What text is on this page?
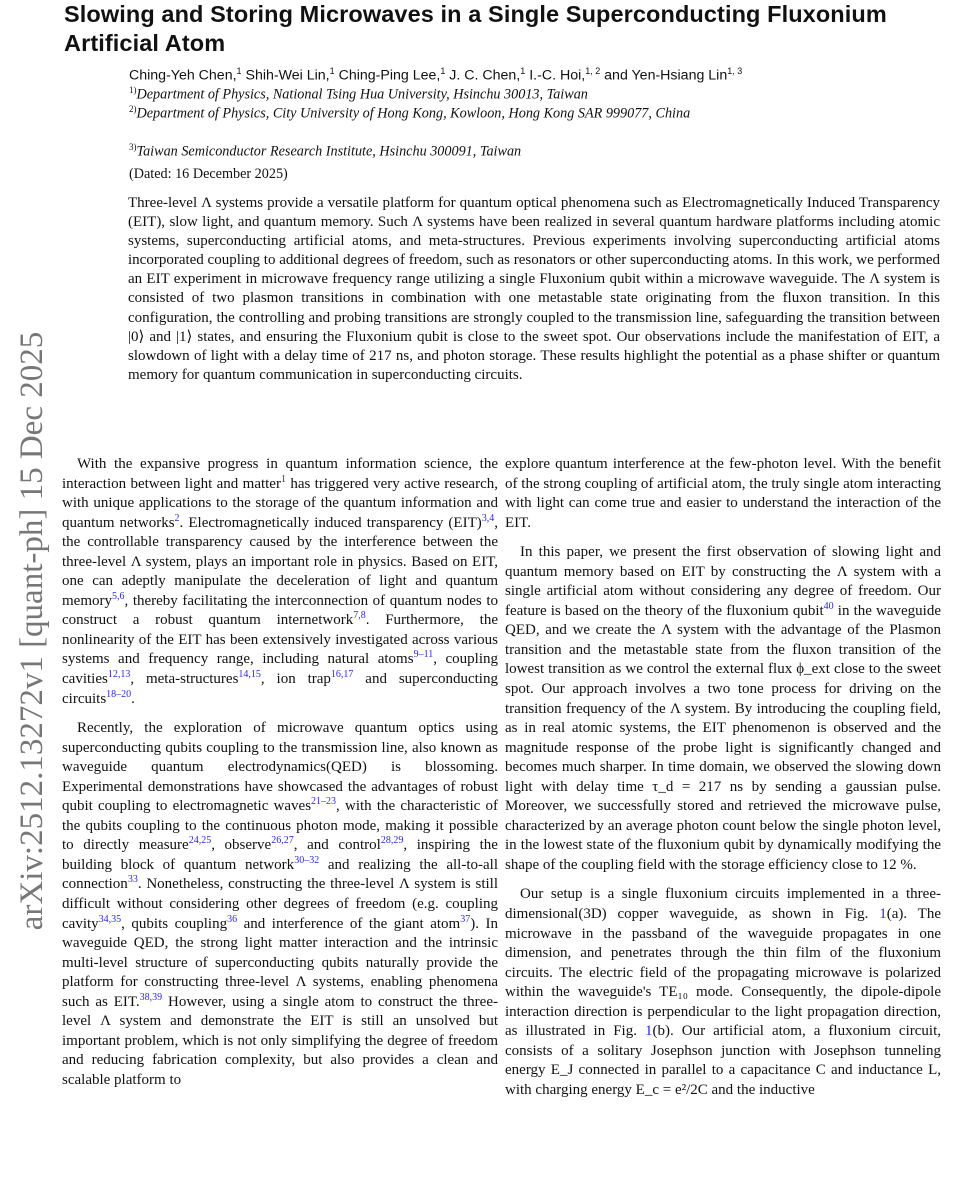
arXiv:2512.13272v1 [quant-ph] 15 Dec 2025
Slowing and Storing Microwaves in a Single Superconducting Fluxonium Artificial Atom
Ching-Yeh Chen,$^1$ Shih-Wei Lin,$^1$ Ching-Ping Lee,$^1$ J. C. Chen,$^1$ I.-C. Hoi,$^{1, 2}$ and Yen-Hsiang Lin$^{1, 3}$
$^{1)}$Department of Physics, National Tsing Hua University, Hsinchu 30013, Taiwan
$^{2)}$Department of Physics, City University of Hong Kong, Kowloon, Hong Kong SAR 999077, China
$^{3)}$Taiwan Semiconductor Research Institute, Hsinchu 300091, Taiwan
(Dated: 16 December 2025)
Three-level Λ systems provide a versatile platform for quantum optical phenomena such as Electromagnetically Induced Transparency (EIT), slow light, and quantum memory. Such Λ systems have been realized in several quantum hardware platforms including atomic systems, superconducting artificial atoms, and meta-structures. Previous experiments involving superconducting artificial atoms incorporated coupling to additional degrees of freedom, such as resonators or other superconducting atoms. In this work, we performed an EIT experiment in microwave frequency range utilizing a single Fluxonium qubit within a microwave waveguide. The Λ system is consisted of two plasmon transitions in combination with one metastable state originating from the fluxon transition. In this configuration, the controlling and probing transitions are strongly coupled to the transmission line, safeguarding the transition between |0⟩ and |1⟩ states, and ensuring the Fluxonium qubit is close to the sweet spot. Our observations include the manifestation of EIT, a slowdown of light with a delay time of 217 ns, and photon storage. These results highlight the potential as a phase shifter or quantum memory for quantum communication in superconducting circuits.

With the expansive progress in quantum information science, the interaction between light and matter$^1$ has triggered very active research, with unique applications to the storage of the quantum information and quantum networks$^2$. Electromagnetically induced transparency (EIT)$^{3,4}$, the controllable transparency caused by the interference between the three-level Λ system, plays an important role in physics. Based on EIT, one can adeptly manipulate the deceleration of light and quantum memory$^{5,6}$, thereby facilitating the interconnection of quantum nodes to construct a robust quantum internetwork$^{7,8}$. Furthermore, the nonlinearity of the EIT has been extensively investigated across various systems and frequency range, including natural atoms$^{9-11}$, coupling cavities$^{12,13}$, meta-structures$^{14,15}$, ion trap$^{16,17}$ and superconducting circuits$^{18-20}$.

Recently, the exploration of microwave quantum optics using superconducting qubits coupling to the transmission line, also known as waveguide quantum electrodynamics(QED) is blossoming. Experimental demonstrations have showcased the advantages of robust qubit coupling to electromagnetic waves$^{21-23}$, with the characteristic of the qubits coupling to the continuous photon mode, making it possible to directly measure$^{24,25}$, observe$^{26,27}$, and control$^{28,29}$, inspiring the building block of quantum network$^{30-32}$ and realizing the all-to-all connection$^{33}$. Nonetheless, constructing the three-level Λ system is still difficult without considering other degrees of freedom (e.g. coupling cavity$^{34,35}$, qubits coupling$^{36}$ and interference of the giant atom$^{37}$). In waveguide QED, the strong light matter interaction and the intrinsic multi-level structure of superconducting qubits naturally provide the platform for constructing three-level Λ systems, enabling phenomena such as EIT.$^{38,39}$ However, using a single atom to construct the three-level Λ system and demonstrate the EIT is still an unsolved but important problem, which is not only simplifying the degree of freedom and reducing fabrication complexity, but also provides a clean and scalable platform to

explore quantum interference at the few-photon level. With the benefit of the strong coupling of artificial atom, the truly single atom interacting with light can come true and easier to understand the interaction of the EIT.

In this paper, we present the first observation of slowing light and quantum memory based on EIT by constructing the Λ system with a single artificial atom without considering any degree of freedom. Our feature is based on the theory of the fluxonium qubit$^{40}$ in the waveguide QED, and we create the Λ system with the advantage of the Plasmon transition and the metastable state from the fluxon transition of the lowest transition as we control the external flux ϕ_ext close to the sweet spot. Our approach involves a two tone process for driving on the transition frequency of the Λ system. By introducing the coupling field, as in real atomic systems, the EIT phenomenon is observed and the magnitude response of the probe light is significantly changed and becomes much sharper. In time domain, we observed the slowing down light with delay time τ_d = 217 ns by sending a gaussian pulse. Moreover, we successfully stored and retrieved the microwave pulse, characterized by an average photon count below the single photon level, in the lowest state of the fluxonium qubit by dynamically modifying the shape of the coupling field with the storage efficiency close to 12 %.

Our setup is a single fluxonium circuits implemented in a three-dimensional(3D) copper waveguide, as shown in Fig. 1(a). The microwave in the passband of the waveguide propagates in one dimension, and penetrates through the thin film of the fluxonium circuits. The electric field of the propagating microwave is polarized within the waveguide's TE₁₀ mode. Consequently, the dipole-dipole interaction direction is perpendicular to the light propagation direction, as illustrated in Fig. 1(b). Our artificial atom, a fluxonium circuit, consists of a solitary Josephson junction with Josephson tunneling energy E_J connected in parallel to a capacitance C and inductance L, with charging energy E_c = e²/2C and the inductive
